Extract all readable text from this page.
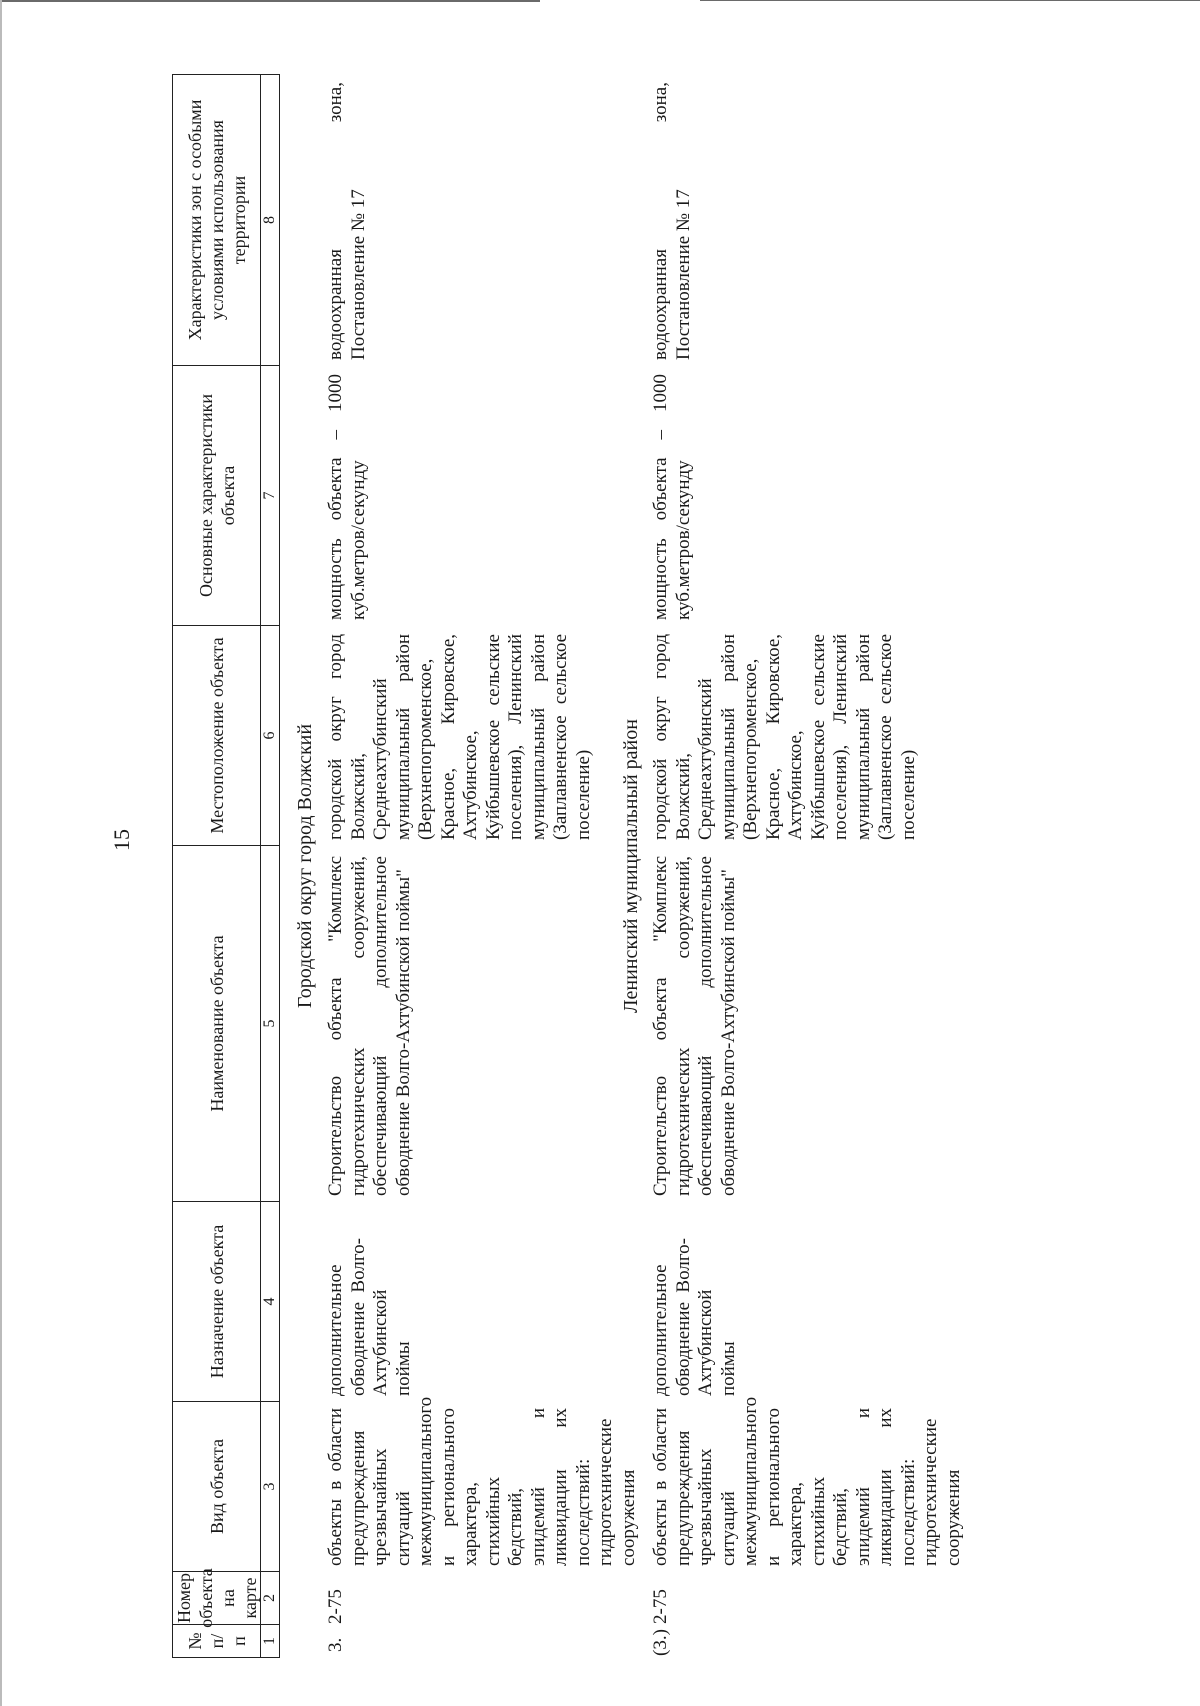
15
№ п/п
Номер объекта на карте
Вид объекта
Назначение объекта
Наименование объекта
Местоположение объекта
Основные характеристики объекта
Характеристики зон с особыми условиями использования территории
1
2
3
4
5
6
7
8
Городской округ город Волжский
3.
2-75
объекты в области предупреждения чрезвычайных ситуаций межмуниципального и регионального характера, стихийных бедствий, эпидемий и ликвидации их последствий: гидротехнические сооружения
дополнительное обводнение Волго-Ахтубинской поймы
Строительство объекта "Комплекс гидротехнических сооружений, обеспечивающий дополнительное обводнение Волго-Ахтубинской поймы"
городской округ город Волжский, Среднеахтубинский муниципальный район (Верхнепогроменское, Красное, Кировское, Ахтубинское, Куйбышевское сельские поселения), Ленинский муниципальный район (Заплавненское сельское поселение)
мощность объекта – 1000 куб.метров/секунду
водоохранная зона, Постановление № 17
Ленинский муниципальный район
(3.)
2-75
объекты в области предупреждения чрезвычайных ситуаций межмуниципального и регионального характера, стихийных бедствий, эпидемий и ликвидации их последствий: гидротехнические сооружения
дополнительное обводнение Волго-Ахтубинской поймы
Строительство объекта "Комплекс гидротехнических сооружений, обеспечивающий дополнительное обводнение Волго-Ахтубинской поймы"
городской округ город Волжский, Среднеахтубинский муниципальный район (Верхнепогроменское, Красное, Кировское, Ахтубинское, Куйбышевское сельские поселения), Ленинский муниципальный район (Заплавненское сельское поселение)
мощность объекта – 1000 куб.метров/секунду
водоохранная зона, Постановление № 17
